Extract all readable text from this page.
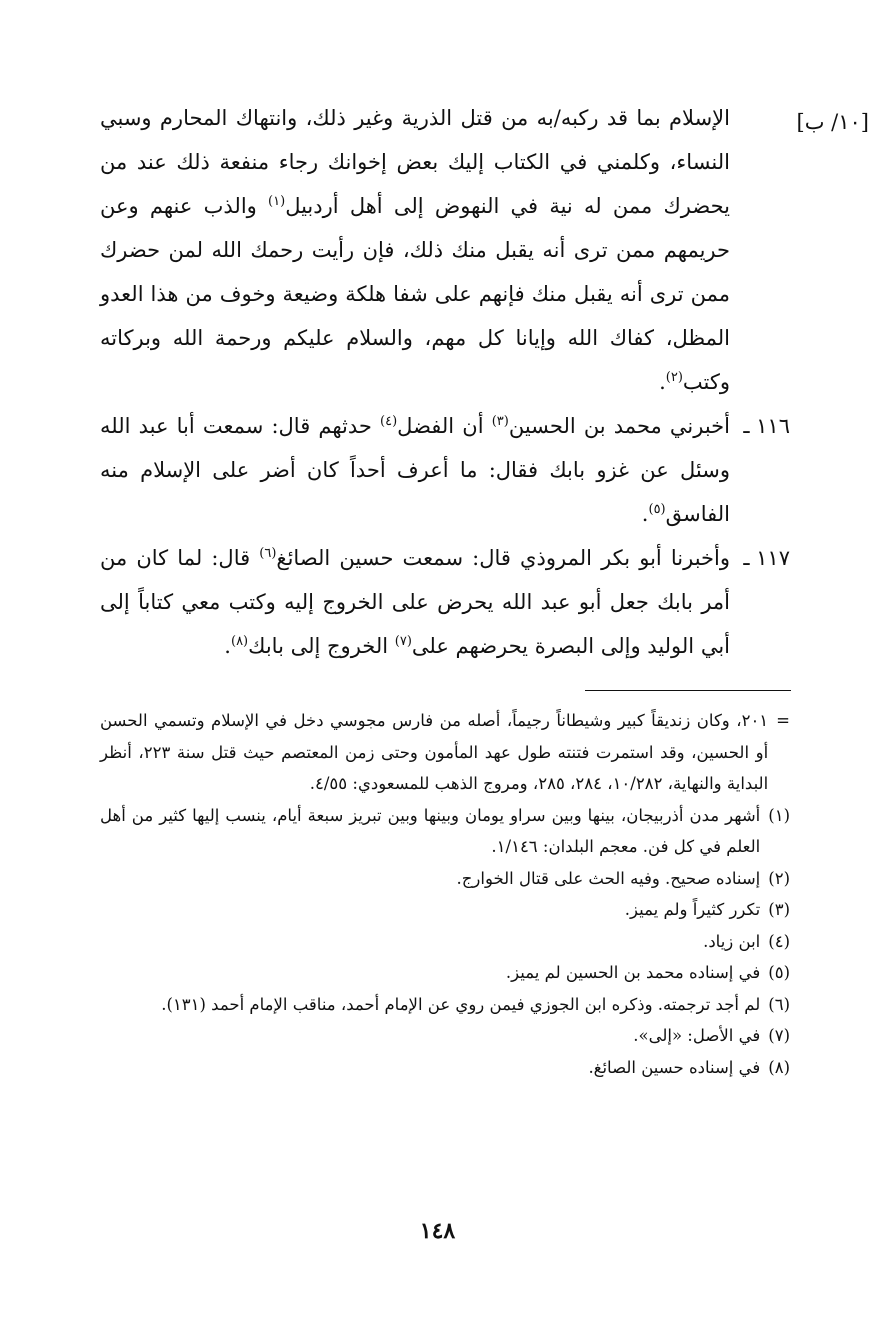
[١٠/ ب]

الإسلام بما قد ركبه/به من قتل الذرية وغير ذلك، وانتهاك المحارم وسبي النساء، وكلمني في الكتاب إليك بعض إخوانك رجاء منفعة ذلك عند من يحضرك ممن له نية في النهوض إلى أهل أردبيل$^{(١)}$ والذب عنهم وعن حريمهم ممن ترى أنه يقبل منك ذلك، فإن رأيت رحمك الله لمن حضرك ممن ترى أنه يقبل منك فإنهم على شفا هلكة وضيعة وخوف من هذا العدو المظل، كفاك الله وإيانا كل مهم، والسلام عليكم ورحمة الله وبركاته وكتب$^{(٢)}$.

١١٦ ـ
أخبرني محمد بن الحسين$^{(٣)}$ أن الفضل$^{(٤)}$ حدثهم قال: سمعت أبا عبد الله وسئل عن غزو بابك فقال: ما أعرف أحداً كان أضر على الإسلام منه الفاسق$^{(٥)}$.
١١٧ ـ
وأخبرنا أبو بكر المروذي قال: سمعت حسين الصائغ$^{(٦)}$ قال: لما كان من أمر بابك جعل أبو عبد الله يحرض على الخروج إليه وكتب معي كتاباً إلى أبي الوليد وإلى البصرة يحرضهم على$^{(٧)}$ الخروج إلى بابك$^{(٨)}$.
=
٢٠١، وكان زنديقاً كبير وشيطاناً رجيماً، أصله من فارس مجوسي دخل في الإسلام وتسمي الحسن أو الحسين، وقد استمرت فتنته طول عهد المأمون وحتى زمن المعتصم حيث قتل سنة ٢٢٣، أنظر البداية والنهاية، ١٠/٢٨٢، ٢٨٤، ٢٨٥، ومروج الذهب للمسعودي: ٤/٥٥.
(١)
أشهر مدن أذربيجان، بينها وبين سراو يومان وبينها وبين تبريز سبعة أيام، ينسب إليها كثير من أهل العلم في كل فن. معجم البلدان: ١/١٤٦.
(٢)
إسناده صحيح. وفيه الحث على قتال الخوارج.
(٣)
تكرر كثيراً ولم يميز.
(٤)
ابن زياد.
(٥)
في إسناده محمد بن الحسين لم يميز.
(٦)
لم أجد ترجمته. وذكره ابن الجوزي فيمن روي عن الإمام أحمد، مناقب الإمام أحمد (١٣١).
(٧)
في الأصل: «إلى».
(٨)
في إسناده حسين الصائغ.
١٤٨
